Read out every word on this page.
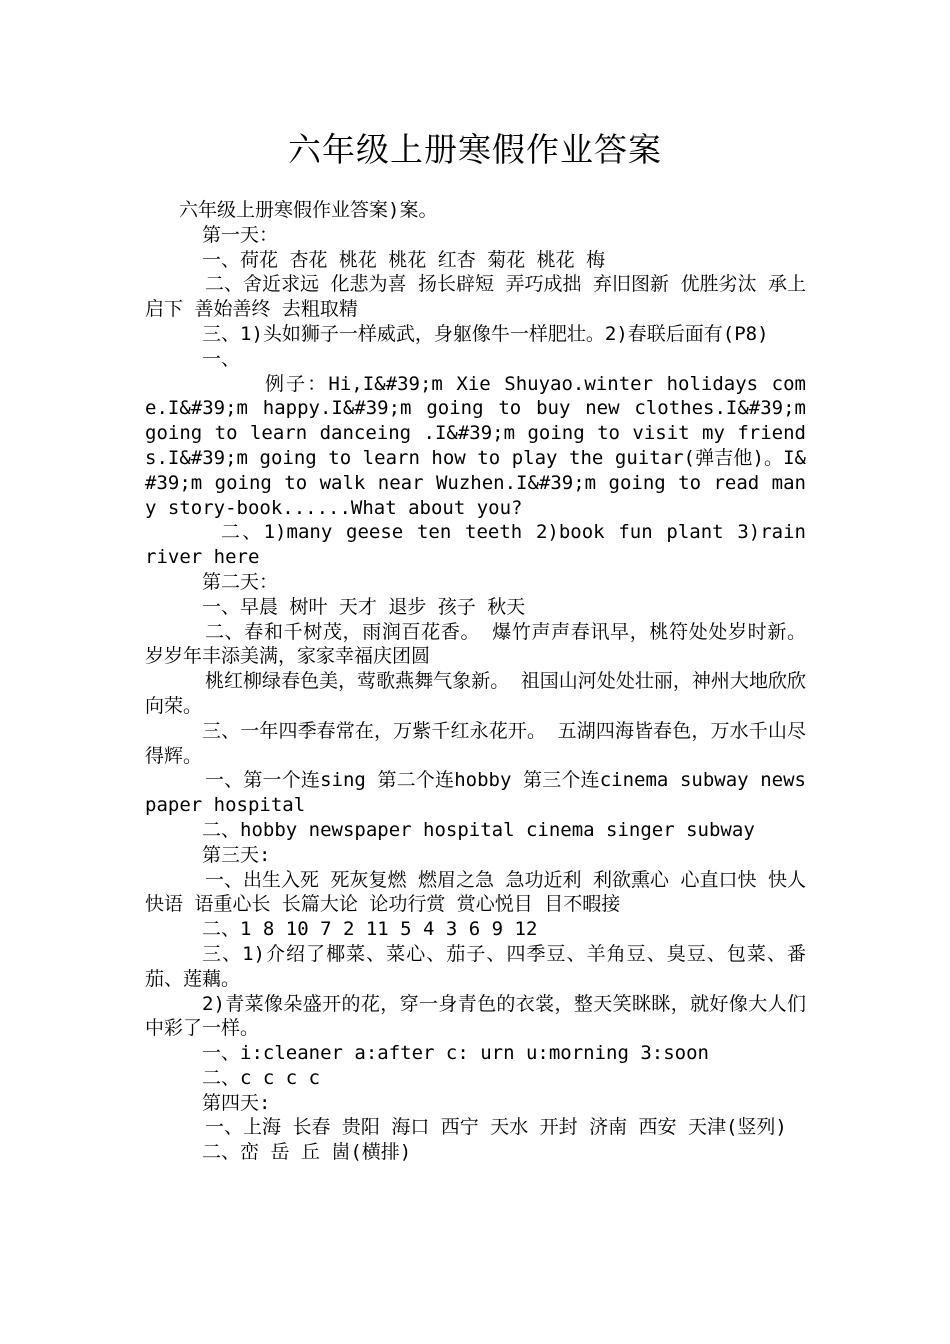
六年级上册寒假作业答案

六年级上册寒假作业答案)案。

第一天：

一、荷花 杏花 桃花 桃花 红杏 菊花 桃花 梅

二、舍近求远 化悲为喜 扬长辟短 弄巧成拙 弃旧图新 优胜劣汰 承上启下 善始善终 去粗取精

三、1)头如狮子一样威武，身躯像牛一样肥壮。2)春联后面有(P8)

一、

例子：Hi,I&#39;m Xie Shuyao.winter holidays come.I&#39;m happy.I&#39;m going to buy new clothes.I&#39;m going to learn danceing .I&#39;m going to visit my friends.I&#39;m going to learn how to play the guitar(弹吉他)。I&#39;m going to walk near Wuzhen.I&#39;m going to read many story-book......What about you?

二、1)many geese ten teeth 2)book fun plant 3)rain river here

第二天：

一、早晨 树叶 天才 退步 孩子 秋天

二、春和千树茂，雨润百花香。 爆竹声声春讯早，桃符处处岁时新。 岁岁年丰添美满，家家幸福庆团圆

桃红柳绿春色美，莺歌燕舞气象新。 祖国山河处处壮丽，神州大地欣欣向荣。

三、一年四季春常在，万紫千红永花开。 五湖四海皆春色，万水千山尽得辉。

一、第一个连sing 第二个连hobby 第三个连cinema subway newspaper hospital

二、hobby newspaper hospital cinema singer subway

第三天:

一、出生入死 死灰复燃 燃眉之急 急功近利 利欲熏心 心直口快 快人快语 语重心长 长篇大论 论功行赏 赏心悦目 目不暇接

二、1 8 10 7 2 11 5 4 3 6 9 12

三、1)介绍了椰菜、菜心、茄子、四季豆、羊角豆、臭豆、包菜、番茄、莲藕。

2)青菜像朵盛开的花，穿一身青色的衣裳，整天笑眯眯，就好像大人们中彩了一样。

一、i:cleaner a:after c: urn u:morning 3:soon

二、c c c c

第四天:

一、上海 长春 贵阳 海口 西宁 天水 开封 济南 西安 天津(竖列)

二、峦 岳 丘 崮(横排)
